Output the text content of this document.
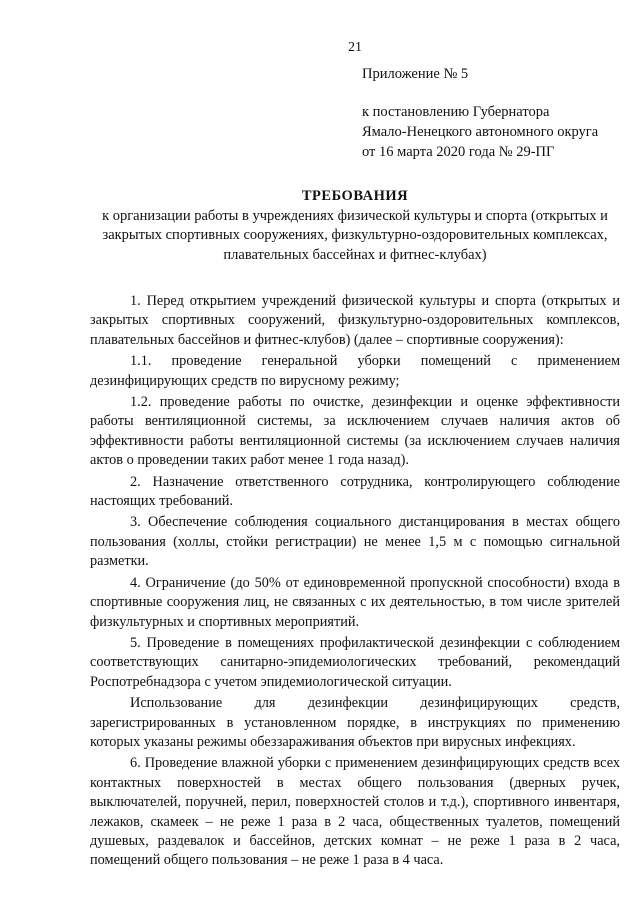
21
Приложение № 5
к постановлению Губернатора
Ямало-Ненецкого автономного округа
от 16 марта 2020 года № 29-ПГ
ТРЕБОВАНИЯ
к организации работы в учреждениях физической культуры и спорта (открытых и закрытых спортивных сооружениях, физкультурно-оздоровительных комплексах, плавательных бассейнах и фитнес-клубах)

1. Перед открытием учреждений физической культуры и спорта (открытых и закрытых спортивных сооружений, физкультурно-оздоровительных комплексов, плавательных бассейнов и фитнес-клубов) (далее – спортивные сооружения):

1.1. проведение генеральной уборки помещений с применением дезинфицирующих средств по вирусному режиму;

1.2. проведение работы по очистке, дезинфекции и оценке эффективности работы вентиляционной системы, за исключением случаев наличия актов об эффективности работы вентиляционной системы (за исключением случаев наличия актов о проведении таких работ менее 1 года назад).

2. Назначение ответственного сотрудника, контролирующего соблюдение настоящих требований.

3. Обеспечение соблюдения социального дистанцирования в местах общего пользования (холлы, стойки регистрации) не менее 1,5 м с помощью сигнальной разметки.

4. Ограничение (до 50% от единовременной пропускной способности) входа в спортивные сооружения лиц, не связанных с их деятельностью, в том числе зрителей физкультурных и спортивных мероприятий.

5. Проведение в помещениях профилактической дезинфекции с соблюдением соответствующих санитарно-эпидемиологических требований, рекомендаций Роспотребнадзора с учетом эпидемиологической ситуации.

Использование для дезинфекции дезинфицирующих средств, зарегистрированных в установленном порядке, в инструкциях по применению которых указаны режимы обеззараживания объектов при вирусных инфекциях.

6. Проведение влажной уборки с применением дезинфицирующих средств всех контактных поверхностей в местах общего пользования (дверных ручек, выключателей, поручней, перил, поверхностей столов и т.д.), спортивного инвентаря, лежаков, скамеек – не реже 1 раза в 2 часа, общественных туалетов, помещений душевых, раздевалок и бассейнов, детских комнат – не реже 1 раза в 2 часа, помещений общего пользования – не реже 1 раза в 4 часа.
